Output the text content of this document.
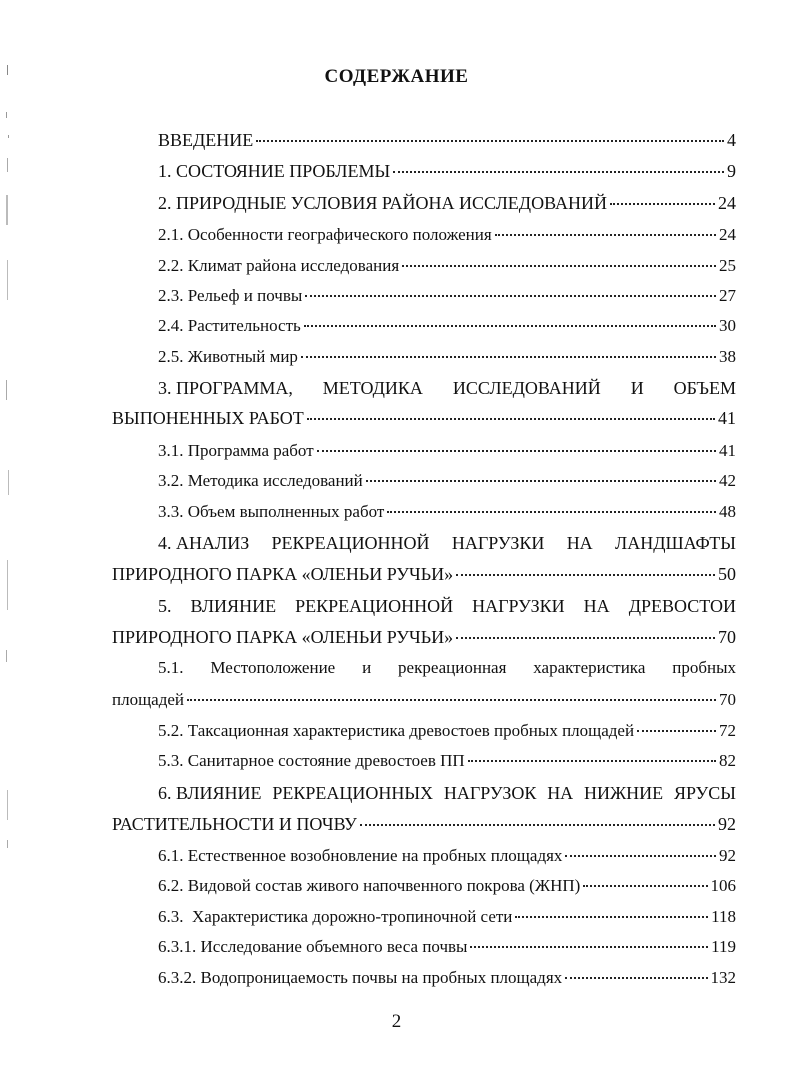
СОДЕРЖАНИЕ
ВВЕДЕНИЕ	4
1. СОСТОЯНИЕ ПРОБЛЕМЫ	9
2. ПРИРОДНЫЕ УСЛОВИЯ РАЙОНА ИССЛЕДОВАНИЙ	24
2.1. Особенности географического положения	24
2.2. Климат района исследования	25
2.3. Рельеф и почвы	27
2.4. Растительность	30
2.5. Животный мир	38
3. ПРОГРАММА, МЕТОДИКА ИССЛЕДОВАНИЙ И ОБЪЕМ
ВЫПОНЕННЫХ РАБОТ	41
3.1. Программа работ	41
3.2. Методика исследований	42
3.3. Объем выполненных работ	48
4. АНАЛИЗ РЕКРЕАЦИОННОЙ НАГРУЗКИ НА ЛАНДШАФТЫ
ПРИРОДНОГО ПАРКА «ОЛЕНЬИ РУЧЬИ»	50
5. ВЛИЯНИЕ РЕКРЕАЦИОННОЙ НАГРУЗКИ НА ДРЕВОСТОИ
ПРИРОДНОГО ПАРКА «ОЛЕНЬИ РУЧЬИ»	70
5.1. Местоположение и рекреационная характеристика пробных
площадей	70
5.2. Таксационная характеристика древостоев пробных площадей	72
5.3. Санитарное состояние древостоев ПП	82
6. ВЛИЯНИЕ РЕКРЕАЦИОННЫХ НАГРУЗОК НА НИЖНИЕ ЯРУСЫ
РАСТИТЕЛЬНОСТИ И ПОЧВУ	92
6.1. Естественное возобновление на пробных площадях	92
6.2. Видовой состав живого напочвенного покрова (ЖНП)	106
6.3.  Характеристика дорожно-тропиночной сети	118
6.3.1. Исследование объемного веса почвы	119
6.3.2. Водопроницаемость почвы на пробных площадях	132
2
